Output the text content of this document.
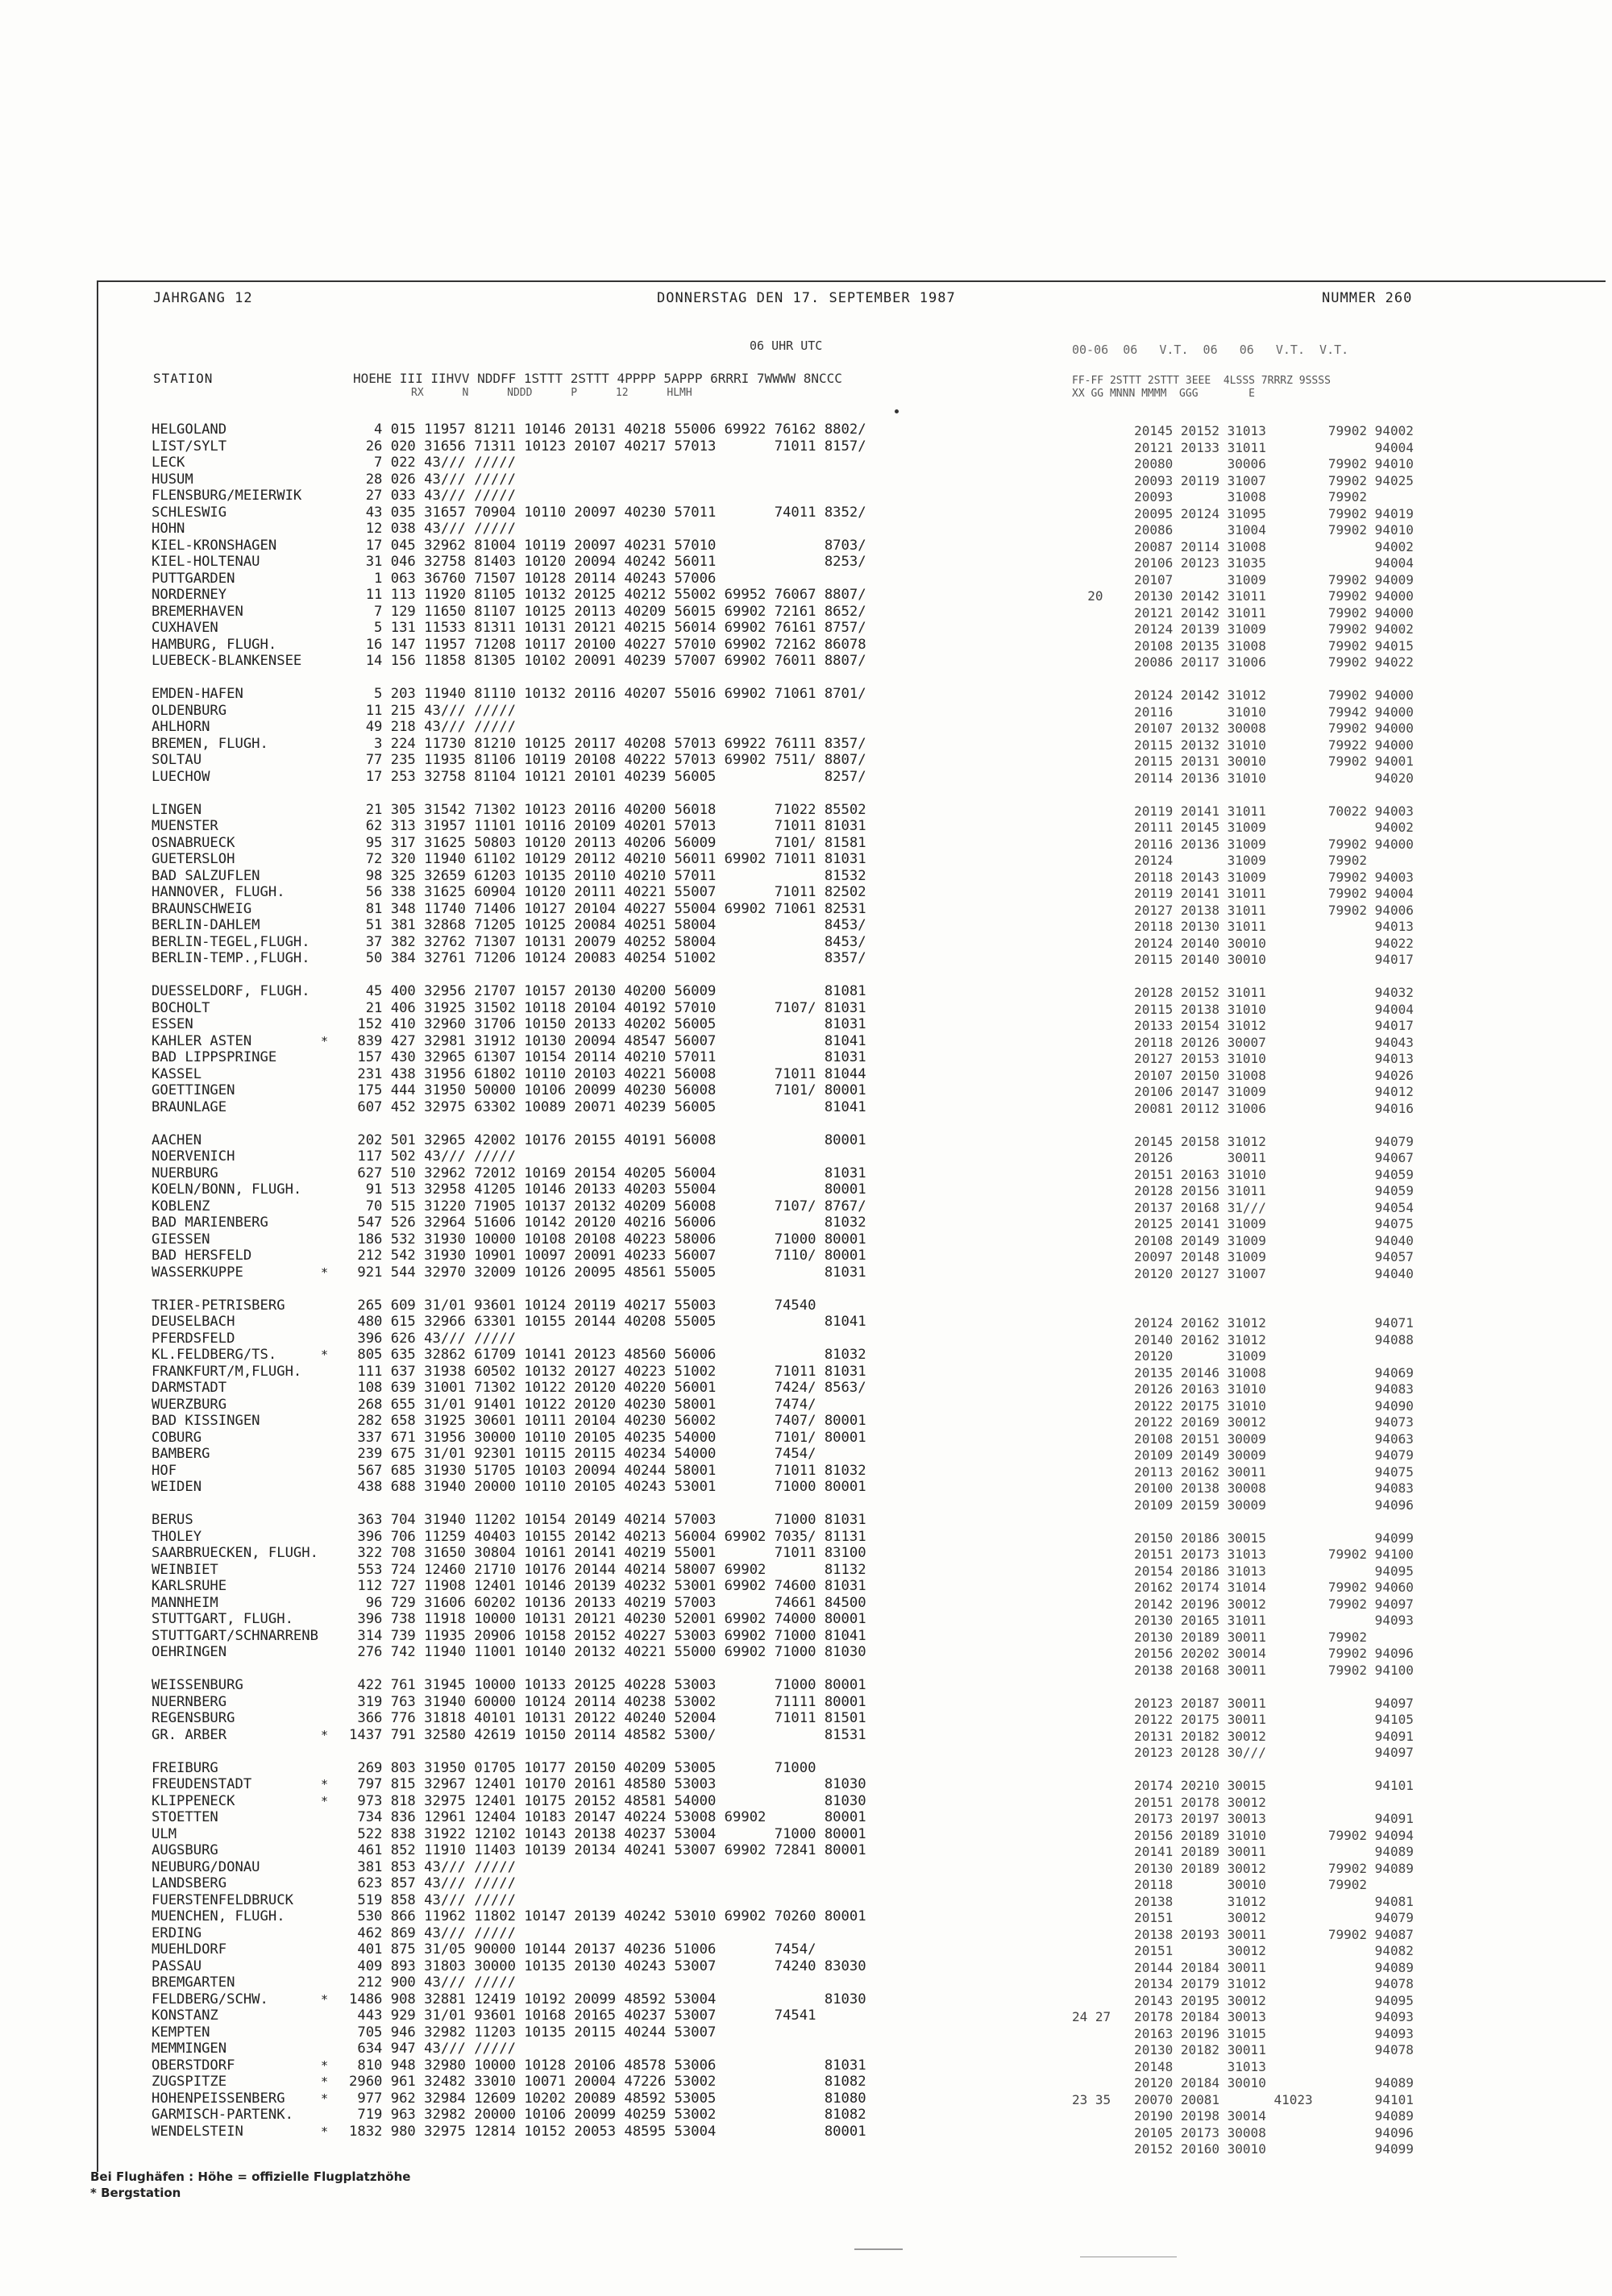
JAHRGANG 12	DONNERSTAG DEN 17. SEPTEMBER 1987	NUMMER 260
06 UHR UTC
STATION	HOEHE III IIHVV NDDFF 1STTT 2STTT 4PPPP 5APPP 6RRRI 7WWWW 8NCCC
RX N NDDD P 12 HLMH
00-06  06   V.T.  06   06   V.T.  V.T.
FF-FF 2STTT 2STTT 3EEE  4LSSS 7RRRZ 9SSSS
XX GG MNNN MMMM  GGG        E
HELGOLAND	4 015 11957 81211 10146 20131 40218 55006 69922 76162 8802/
LIST/SYLT	26 020 31656 71311 10123 20107 40217 57013       71011 8157/
LECK	7 022 43/// /////
HUSUM	28 026 43/// /////
FLENSBURG/MEIERWIK	27 033 43/// /////
SCHLESWIG	43 035 31657 70904 10110 20097 40230 57011       74011 8352/
HOHN	12 038 43/// /////
KIEL-KRONSHAGEN	17 045 32962 81004 10119 20097 40231 57010             8703/
KIEL-HOLTENAU	31 046 32758 81403 10120 20094 40242 56011             8253/
PUTTGARDEN	1 063 36760 71507 10128 20114 40243 57006
NORDERNEY	11 113 11920 81105 10132 20125 40212 55002 69952 76067 8807/
BREMERHAVEN	7 129 11650 81107 10125 20113 40209 56015 69902 72161 8652/
CUXHAVEN	5 131 11533 81311 10131 20121 40215 56014 69902 76161 8757/
HAMBURG, FLUGH.	16 147 11957 71208 10117 20100 40227 57010 69902 72162 86078
LUEBECK-BLANKENSEE	14 156 11858 81305 10102 20091 40239 57007 69902 76011 8807/
EMDEN-HAFEN	5 203 11940 81110 10132 20116 40207 55016 69902 71061 8701/
OLDENBURG	11 215 43/// /////
AHLHORN	49 218 43/// /////
BREMEN, FLUGH.	3 224 11730 81210 10125 20117 40208 57013 69922 76111 8357/
SOLTAU	77 235 11935 81106 10119 20108 40222 57013 69902 7511/ 8807/
LUECHOW	17 253 32758 81104 10121 20101 40239 56005             8257/
LINGEN	21 305 31542 71302 10123 20116 40200 56018       71022 85502
MUENSTER	62 313 31957 11101 10116 20109 40201 57013       71011 81031
OSNABRUECK	95 317 31625 50803 10120 20113 40206 56009       7101/ 81581
GUETERSLOH	72 320 11940 61102 10129 20112 40210 56011 69902 71011 81031
BAD SALZUFLEN	98 325 32659 61203 10135 20110 40210 57011             81532
HANNOVER, FLUGH.	56 338 31625 60904 10120 20111 40221 55007       71011 82502
BRAUNSCHWEIG	81 348 11740 71406 10127 20104 40227 55004 69902 71061 82531
BERLIN-DAHLEM	51 381 32868 71205 10125 20084 40251 58004             8453/
BERLIN-TEGEL,FLUGH.	37 382 32762 71307 10131 20079 40252 58004             8453/
BERLIN-TEMP.,FLUGH.	50 384 32761 71206 10124 20083 40254 51002             8357/
DUESSELDORF, FLUGH.	45 400 32956 21707 10157 20130 40200 56009             81081
BOCHOLT	21 406 31925 31502 10118 20104 40192 57010       7107/ 81031
ESSEN	152 410 32960 31706 10150 20133 40202 56005             81031
KAHLER ASTEN	* 839 427 32981 31912 10130 20094 48547 56007             81041
BAD LIPPSPRINGE	157 430 32965 61307 10154 20114 40210 57011             81031
KASSEL	231 438 31956 61802 10110 20103 40221 56008       71011 81044
GOETTINGEN	175 444 31950 50000 10106 20099 40230 56008       7101/ 80001
BRAUNLAGE	607 452 32975 63302 10089 20071 40239 56005             81041
AACHEN	202 501 32965 42002 10176 20155 40191 56008             80001
NOERVENICH	117 502 43/// /////
NUERBURG	627 510 32962 72012 10169 20154 40205 56004             81031
KOELN/BONN, FLUGH.	91 513 32958 41205 10146 20133 40203 55004             80001
KOBLENZ	70 515 31220 71905 10137 20132 40209 56008       7107/ 8767/
BAD MARIENBERG	547 526 32964 51606 10142 20120 40216 56006             81032
GIESSEN	186 532 31930 10000 10108 20108 40223 58006       71000 80001
BAD HERSFELD	212 542 31930 10901 10097 20091 40233 56007       7110/ 80001
WASSERKUPPE	* 921 544 32970 32009 10126 20095 48561 55005             81031
TRIER-PETRISBERG	265 609 31/01 93601 10124 20119 40217 55003       74540
DEUSELBACH	480 615 32966 63301 10155 20144 40208 55005             81041
PFERDSFELD	396 626 43/// /////
KL.FELDBERG/TS.	* 805 635 32862 61709 10141 20123 48560 56006             81032
FRANKFURT/M,FLUGH.	111 637 31938 60502 10132 20127 40223 51002       71011 81031
DARMSTADT	108 639 31001 71302 10122 20120 40220 56001       7424/ 8563/
WUERZBURG	268 655 31/01 91401 10122 20120 40230 58001       7474/
BAD KISSINGEN	282 658 31925 30601 10111 20104 40230 56002       7407/ 80001
COBURG	337 671 31956 30000 10110 20105 40235 54000       7101/ 80001
BAMBERG	239 675 31/01 92301 10115 20115 40234 54000       7454/
HOF	567 685 31930 51705 10103 20094 40244 58001       71011 81032
WEIDEN	438 688 31940 20000 10110 20105 40243 53001       71000 80001
BERUS	363 704 31940 11202 10154 20149 40214 57003       71000 81031
THOLEY	396 706 11259 40403 10155 20142 40213 56004 69902 7035/ 81131
SAARBRUECKEN, FLUGH.	322 708 31650 30804 10161 20141 40219 55001       71011 83100
WEINBIET	553 724 12460 21710 10176 20144 40214 58007 69902       81132
KARLSRUHE	112 727 11908 12401 10146 20139 40232 53001 69902 74600 81031
MANNHEIM	96 729 31606 60202 10136 20133 40219 57003       74661 84500
STUTTGART, FLUGH.	396 738 11918 10000 10131 20121 40230 52001 69902 74000 80001
STUTTGART/SCHNARRENB	314 739 11935 20906 10158 20152 40227 53003 69902 71000 81041
OEHRINGEN	276 742 11940 11001 10140 20132 40221 55000 69902 71000 81030
WEISSENBURG	422 761 31945 10000 10133 20125 40228 53003       71000 80001
NUERNBERG	319 763 31940 60000 10124 20114 40238 53002       71111 80001
REGENSBURG	366 776 31818 40101 10131 20122 40240 52004       71011 81501
GR. ARBER	* 1437 791 32580 42619 10150 20114 48582 5300/             81531
FREIBURG	269 803 31950 01705 10177 20150 40209 53005       71000
FREUDENSTADT	* 797 815 32967 12401 10170 20161 48580 53003             81030
KLIPPENECK	* 973 818 32975 12401 10175 20152 48581 54000             81030
STOETTEN	734 836 12961 12404 10183 20147 40224 53008 69902       80001
ULM	522 838 31922 12102 10143 20138 40237 53004       71000 80001
AUGSBURG	461 852 11910 11403 10139 20134 40241 53007 69902 72841 80001
NEUBURG/DONAU	381 853 43/// /////
LANDSBERG	623 857 43/// /////
FUERSTENFELDBRUCK	519 858 43/// /////
MUENCHEN, FLUGH.	530 866 11962 11802 10147 20139 40242 53010 69902 70260 80001
ERDING	462 869 43/// /////
MUEHLDORF	401 875 31/05 90000 10144 20137 40236 51006       7454/
PASSAU	409 893 31803 30000 10135 20130 40243 53007       74240 83030
BREMGARTEN	212 900 43/// /////
FELDBERG/SCHW.	* 1486 908 32881 12419 10192 20099 48592 53004             81030
KONSTANZ	443 929 31/01 93601 10168 20165 40237 53007       74541
KEMPTEN	705 946 32982 11203 10135 20115 40244 53007
MEMMINGEN	634 947 43/// /////
OBERSTDORF	* 810 948 32980 10000 10128 20106 48578 53006             81031
ZUGSPITZE	* 2960 961 32482 33010 10071 20004 47226 53002             81082
HOHENPEISSENBERG	* 977 962 32984 12609 10202 20089 48592 53005             81080
GARMISCH-PARTENK.	719 963 32982 20000 10106 20099 40259 53002             81082
WENDELSTEIN	* 1832 980 32975 12814 10152 20053 48595 53004             80001
20145 20152 31013        79902 94002
20121 20133 31011              94004
20080       30006        79902 94010
20093 20119 31007        79902 94025
20093       31008        79902
20095 20124 31095        79902 94019
20086       31004        79902 94010
20087 20114 31008              94002
20106 20123 31035              94004
20107       31009        79902 94009
20    20130 20142 31011        79902 94000
20121 20142 31011        79902 94000
20124 20139 31009        79902 94002
20108 20135 31008        79902 94015
20086 20117 31006        79902 94022
20124 20142 31012        79902 94000
20116       31010        79942 94000
20107 20132 30008        79902 94000
20115 20132 31010        79922 94000
20115 20131 30010        79902 94001
20114 20136 31010              94020
20119 20141 31011        70022 94003
20111 20145 31009              94002
20116 20136 31009        79902 94000
20124       31009        79902
20118 20143 31009        79902 94003
20119 20141 31011        79902 94004
20127 20138 31011        79902 94006
20118 20130 31011              94013
20124 20140 30010              94022
20115 20140 30010              94017
20128 20152 31011              94032
20115 20138 31010              94004
20133 20154 31012              94017
20118 20126 30007              94043
20127 20153 31010              94013
20107 20150 31008              94026
20106 20147 31009              94012
20081 20112 31006              94016
20145 20158 31012              94079
20126       30011              94067
20151 20163 31010              94059
20128 20156 31011              94059
20137 20168 31///              94054
20125 20141 31009              94075
20108 20149 31009              94040
20097 20148 31009              94057
20120 20127 31007              94040
20124 20162 31012              94071
20140 20162 31012              94088
20120       31009
20135 20146 31008              94069
20126 20163 31010              94083
20122 20175 31010              94090
20122 20169 30012              94073
20108 20151 30009              94063
20109 20149 30009              94079
20113 20162 30011              94075
20100 20138 30008              94083
20109 20159 30009              94096
20150 20186 30015              94099
20151 20173 31013        79902 94100
20154 20186 31013              94095
20162 20174 31014        79902 94060
20142 20196 30012        79902 94097
20130 20165 31011              94093
20130 20189 30011        79902
20156 20202 30014        79902 94096
20138 20168 30011        79902 94100
20123 20187 30011              94097
20122 20175 30011              94105
20131 20182 30012              94091
20123 20128 30///              94097
20174 20210 30015              94101
20151 20178 30012
20173 20197 30013              94091
20156 20189 31010        79902 94094
20141 20189 30011              94089
20130 20189 30012        79902 94089
20118       30010        79902
20138       31012              94081
20151       30012              94079
20138 20193 30011        79902 94087
20151       30012              94082
20144 20184 30011              94089
20134 20179 31012              94078
20143 20195 30012              94095
24 27   20178 20184 30013              94093
20163 20196 31015              94093
20130 20182 30011              94078
20148       31013
20120 20184 30010              94089
23 35   20070 20081       41023        94101
20190 20198 30014              94089
20105 20173 30008              94096
20152 20160 30010              94099
Bei Flughäfen : Höhe = offizielle Flugplatzhöhe
* Bergstation
